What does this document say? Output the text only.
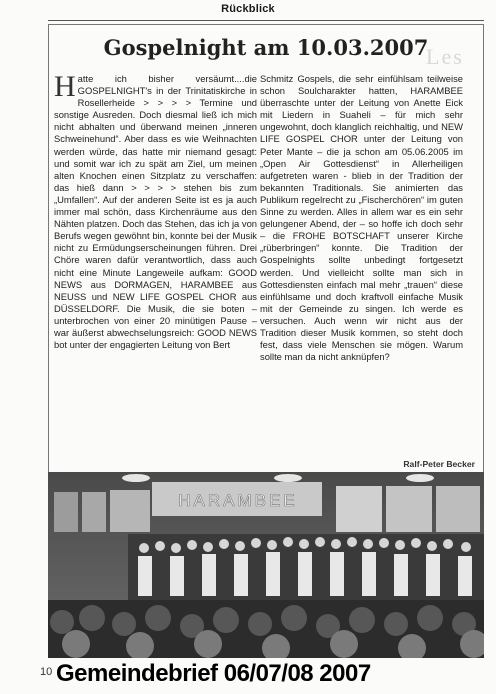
Rückblick
Les
Gospelnight am 10.03.2007
Hatte ich bisher versäumt....die GOSPELNIGHT's in der Trinitatiskirche in Rosellerheide > > > > Termine und sonstige Ausreden. Doch diesmal ließ ich mich nicht abhalten und überwand meinen „inneren Schweinehund“. Aber dass es wie Weihnachten werden würde, das hatte mir niemand gesagt: und somit war ich zu spät am Ziel, um meinen alten Knochen einen Sitzplatz zu verschaffen: das hieß dann > > > > stehen bis zum „Umfallen“. Auf der anderen Seite ist es ja auch immer mal schön, dass Kirchenräume aus den Nähten platzen. Doch das Stehen, das ich ja von Berufs wegen gewöhnt bin, konnte bei der Musik nicht zu Ermüdungserscheinungen führen. Drei Chöre waren dafür verantwortlich, dass auch nicht eine Minute Langeweile aufkam: GOOD NEWS aus DORMAGEN, HARAMBEE aus NEUSS und NEW LIFE GOSPEL CHOR aus DÜSSELDORF. Die Musik, die sie boten – unterbrochen von einer 20 minütigen Pause – war äußerst abwechselungsreich: GOOD NEWS bot unter der engagierten Leitung von Bert
Schmitz Gospels, die sehr einfühlsam teilweise schon Soulcharakter hatten, HARAMBEE überraschte unter der Leitung von Anette Eick mit Liedern in Suaheli – für mich sehr ungewohnt, doch klanglich reichhaltig, und NEW LIFE GOSPEL CHOR unter der Leitung von Peter Mante – die ja schon am 05.06.2005 im „Open Air Gottesdienst“ in Allerheiligen aufgetreten waren - blieb in der Tradition der bekannten Traditionals. Sie animierten das Publikum regelrecht zu „Fischerchören“ im guten Sinne zu werden. Alles in allem war es ein sehr gelungener Abend, der – so hoffe ich doch sehr – die FROHE BOTSCHAFT unserer Kirche „rüberbringen“ konnte. Die Tradition der Gospelnights sollte unbedingt fortgesetzt werden. Und vielleicht sollte man sich in Gottesdiensten einfach mal mehr „trauen“ diese einfühlsame und doch kraftvoll einfache Musik mit der Gemeinde zu singen. Ich werde es versuchen. Auch wenn wir nicht aus der Tradition dieser Musik kommen, so steht doch fest, dass viele Menschen sie mögen. Warum sollte man da nicht anknüpfen?
Ralf-Peter Becker
HARAMBEE
10 Gemeindebrief 06/07/08 2007
